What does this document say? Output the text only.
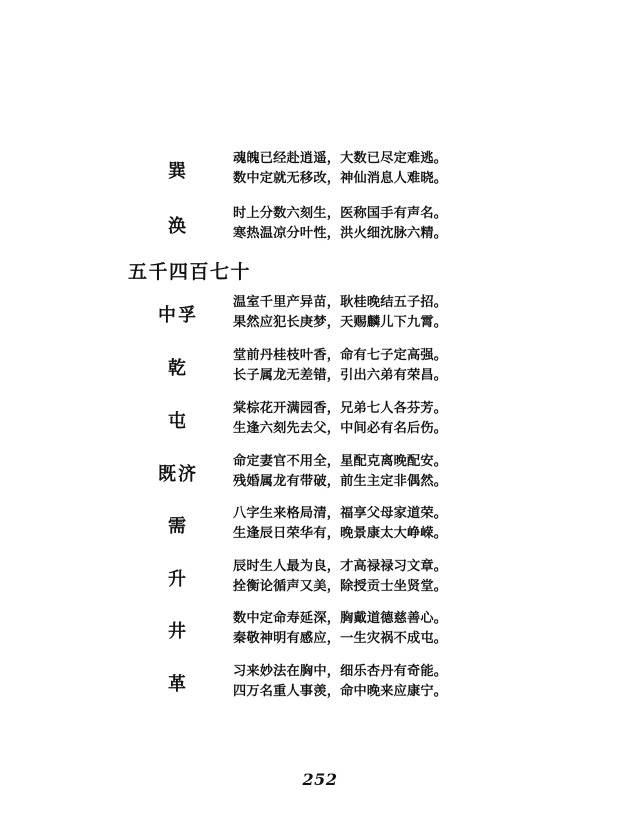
巽
魂魄已经赴逍遥，大数已尽定难逃。
数中定就无移改，神仙消息人难晓。
涣
时上分数六刻生，医称国手有声名。
寒热温凉分叶性，洪火细沈脉六精。
五千四百七十
中孚
温室千里产异苗，耿桂晚结五子招。
果然应犯长庚梦，天赐麟儿下九霄。
乾
堂前丹桂枝叶香，命有七子定高强。
长子属龙无差错，引出六弟有荣昌。
屯
棠棕花开满园香，兄弟七人各芬芳。
生逢六刻先去父，中间必有名后伤。
既济
命定妻官不用全，星配克离晚配安。
残婚属龙有带破，前生主定非偶然。
需
八字生来格局清，福享父母家道荣。
生逢辰日荣华有，晚景康太大峥嵘。
升
辰时生人最为良，才高禄禄习文章。
拴衡论循声又美，除授贡士坐贤堂。
井
数中定命寿延深，胸戴道德慈善心。
秦敬神明有感应，一生灾祸不成屯。
革
习来妙法在胸中，细乐杏丹有奇能。
四万名重人事羡，命中晚来应康宁。
252
